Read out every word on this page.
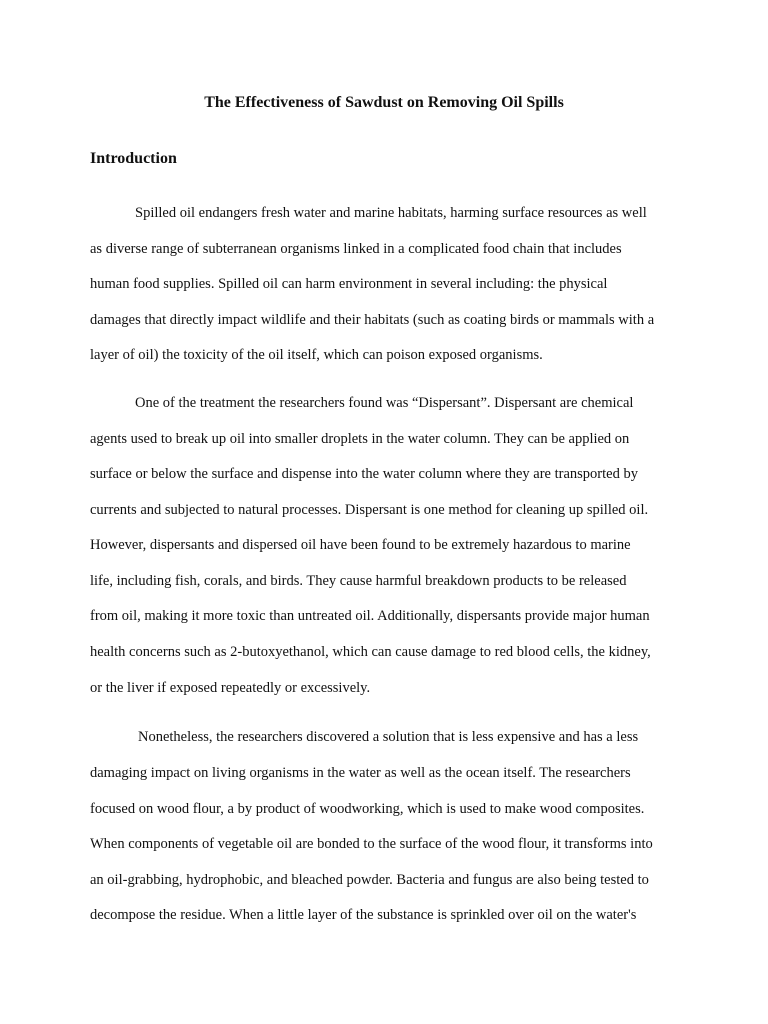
The Effectiveness of Sawdust on Removing Oil Spills
Introduction
Spilled oil endangers fresh water and marine habitats, harming surface resources as well
as diverse range of subterranean organisms linked in a complicated food chain that includes
human food supplies. Spilled oil can harm environment in several including: the physical
damages that directly impact wildlife and their habitats (such as coating birds or mammals with a
layer of oil) the toxicity of the oil itself, which can poison exposed organisms.
One of the treatment the researchers found was “Dispersant”. Dispersant are chemical
agents used to break up oil into smaller droplets in the water column. They can be applied on
surface or below the surface and dispense into the water column where they are transported by
currents and subjected to natural processes. Dispersant is one method for cleaning up spilled oil.
However, dispersants and dispersed oil have been found to be extremely hazardous to marine
life, including fish, corals, and birds. They cause harmful breakdown products to be released
from oil, making it more toxic than untreated oil. Additionally, dispersants provide major human
health concerns such as 2-butoxyethanol, which can cause damage to red blood cells, the kidney,
or the liver if exposed repeatedly or excessively.
Nonetheless, the researchers discovered a solution that is less expensive and has a less
damaging impact on living organisms in the water as well as the ocean itself. The researchers
focused on wood flour, a by product of woodworking, which is used to make wood composites.
When components of vegetable oil are bonded to the surface of the wood flour, it transforms into
an oil-grabbing, hydrophobic, and bleached powder. Bacteria and fungus are also being tested to
decompose the residue. When a little layer of the substance is sprinkled over oil on the water's
